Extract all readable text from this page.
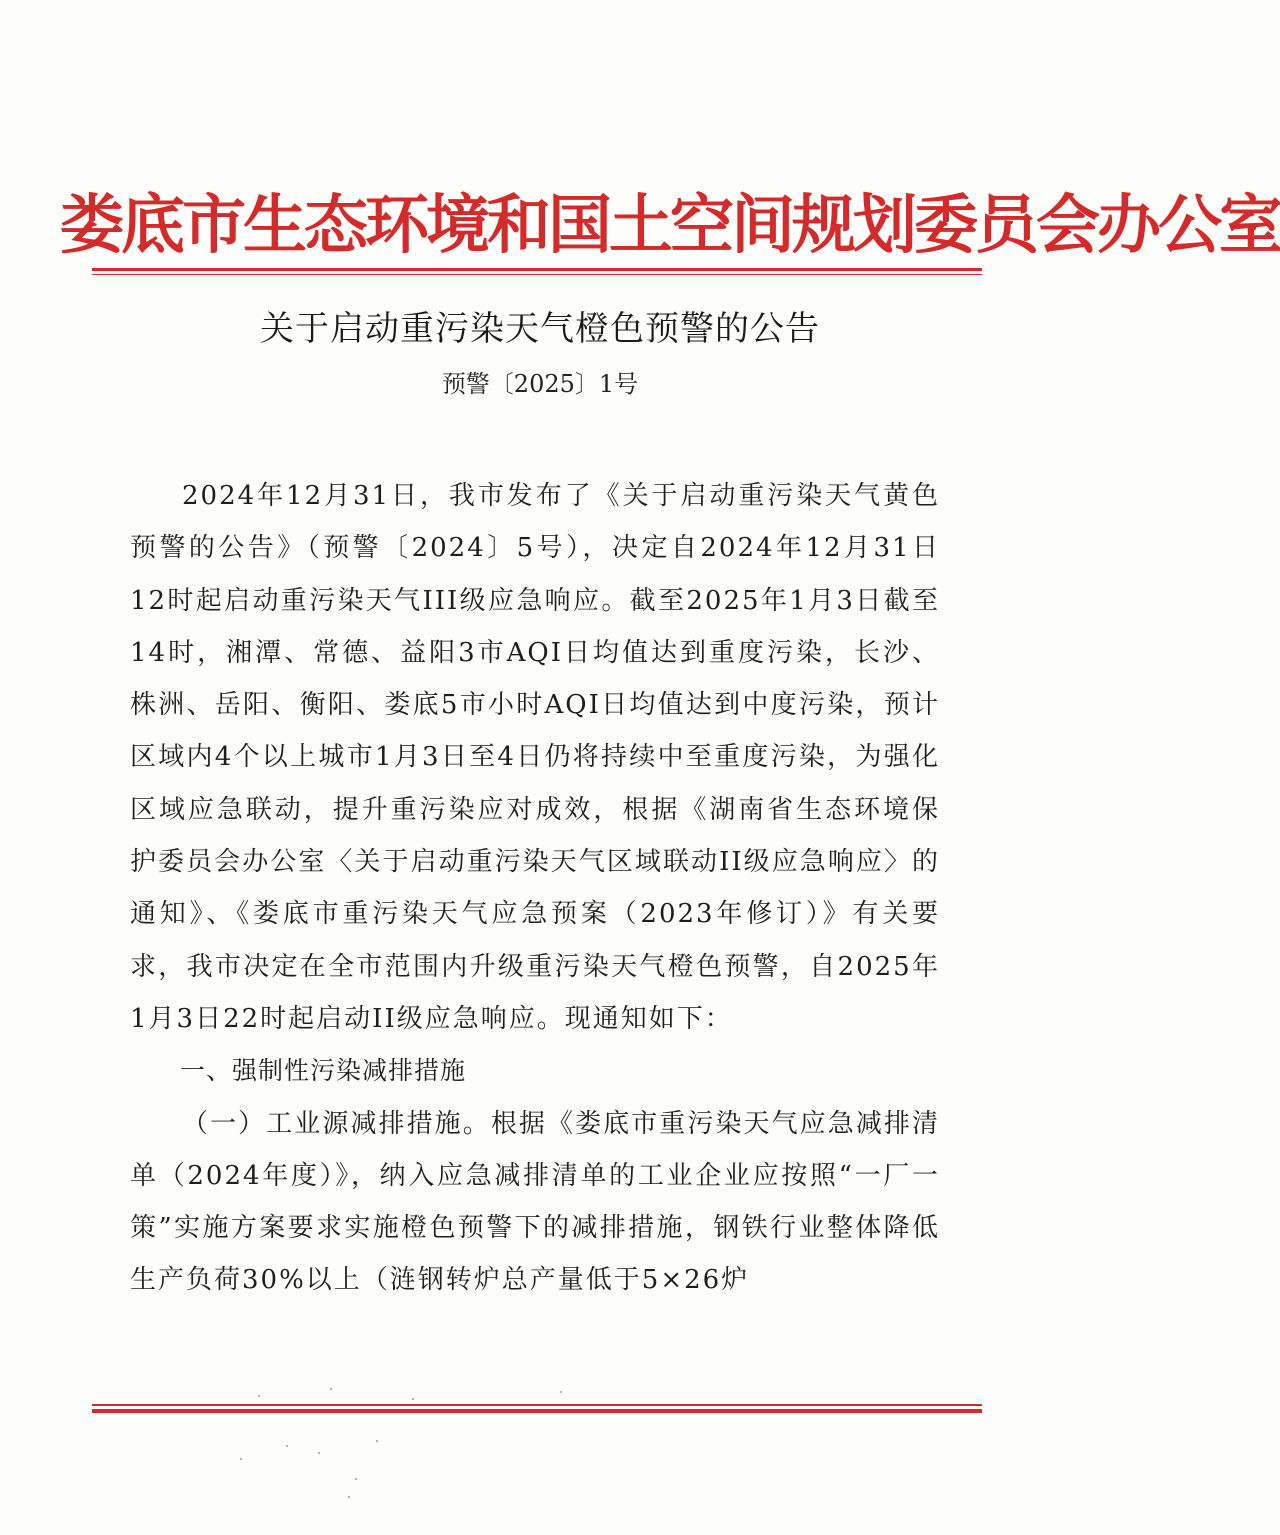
娄底市生态环境和国土空间规划委员会办公室
关于启动重污染天气橙色预警的公告
预警〔2025〕1号

2024年12月31日，我市发布了《关于启动重污染天气黄色预警的公告》（预警〔2024〕5号），决定自2024年12月31日12时起启动重污染天气III级应急响应。截至2025年1月3日截至14时，湘潭、常德、益阳3市AQI日均值达到重度污染，长沙、株洲、岳阳、衡阳、娄底5市小时AQI日均值达到中度污染，预计区域内4个以上城市1月3日至4日仍将持续中至重度污染，为强化区域应急联动，提升重污染应对成效，根据《湖南省生态环境保护委员会办公室〈关于启动重污染天气区域联动II级应急响应〉的通知》、《娄底市重污染天气应急预案（2023年修订）》有关要求，我市决定在全市范围内升级重污染天气橙色预警，自2025年1月3日22时起启动II级应急响应。现通知如下：

一、强制性污染减排措施

（一）工业源减排措施。根据《娄底市重污染天气应急减排清单（2024年度）》，纳入应急减排清单的工业企业应按照“一厂一策”实施方案要求实施橙色预警下的减排措施，钢铁行业整体降低生产负荷30%以上（涟钢转炉总产量低于5×26炉
